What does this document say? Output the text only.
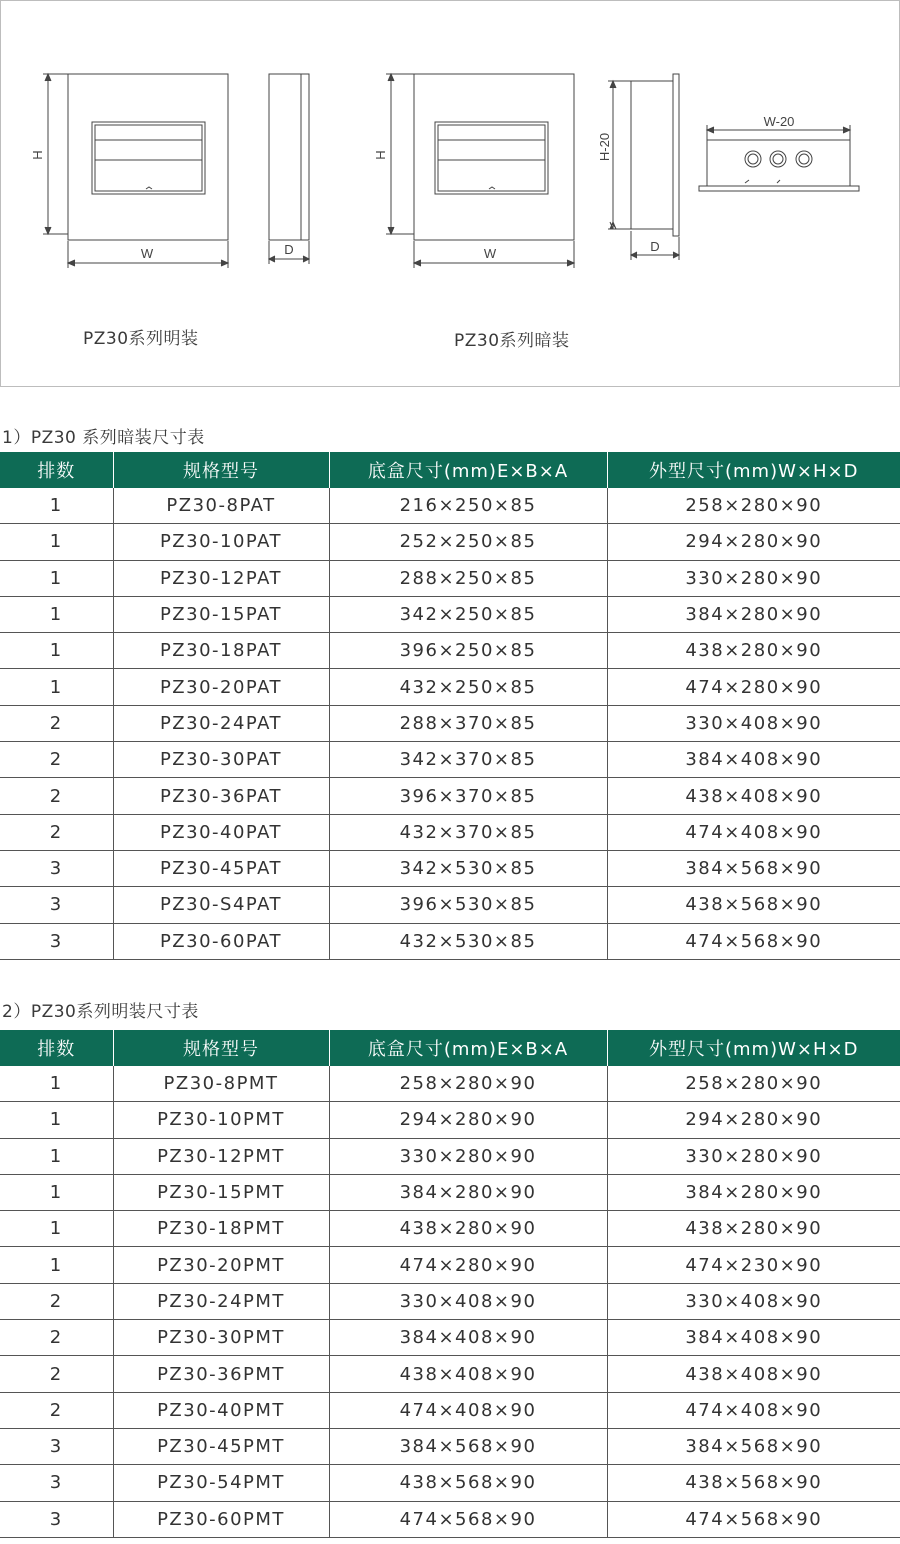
H
W	D
H
W
H-20
D
W-20
PZ30系列明装	PZ30系列暗装
1）PZ30 系列暗装尺寸表
排数	规格型号	底盒尺寸(mm)E×B×A	外型尺寸(mm)W×H×D
1	PZ30-8PAT	216×250×85	258×280×90
1	PZ30-10PAT	252×250×85	294×280×90
1	PZ30-12PAT	288×250×85	330×280×90
1	PZ30-15PAT	342×250×85	384×280×90
1	PZ30-18PAT	396×250×85	438×280×90
1	PZ30-20PAT	432×250×85	474×280×90
2	PZ30-24PAT	288×370×85	330×408×90
2	PZ30-30PAT	342×370×85	384×408×90
2	PZ30-36PAT	396×370×85	438×408×90
2	PZ30-40PAT	432×370×85	474×408×90
3	PZ30-45PAT	342×530×85	384×568×90
3	PZ30-S4PAT	396×530×85	438×568×90
3	PZ30-60PAT	432×530×85	474×568×90
2）PZ30系列明装尺寸表
排数	规格型号	底盒尺寸(mm)E×B×A	外型尺寸(mm)W×H×D
1	PZ30-8PMT	258×280×90	258×280×90
1	PZ30-10PMT	294×280×90	294×280×90
1	PZ30-12PMT	330×280×90	330×280×90
1	PZ30-15PMT	384×280×90	384×280×90
1	PZ30-18PMT	438×280×90	438×280×90
1	PZ30-20PMT	474×280×90	474×230×90
2	PZ30-24PMT	330×408×90	330×408×90
2	PZ30-30PMT	384×408×90	384×408×90
2	PZ30-36PMT	438×408×90	438×408×90
2	PZ30-40PMT	474×408×90	474×408×90
3	PZ30-45PMT	384×568×90	384×568×90
3	PZ30-54PMT	438×568×90	438×568×90
3	PZ30-60PMT	474×568×90	474×568×90
